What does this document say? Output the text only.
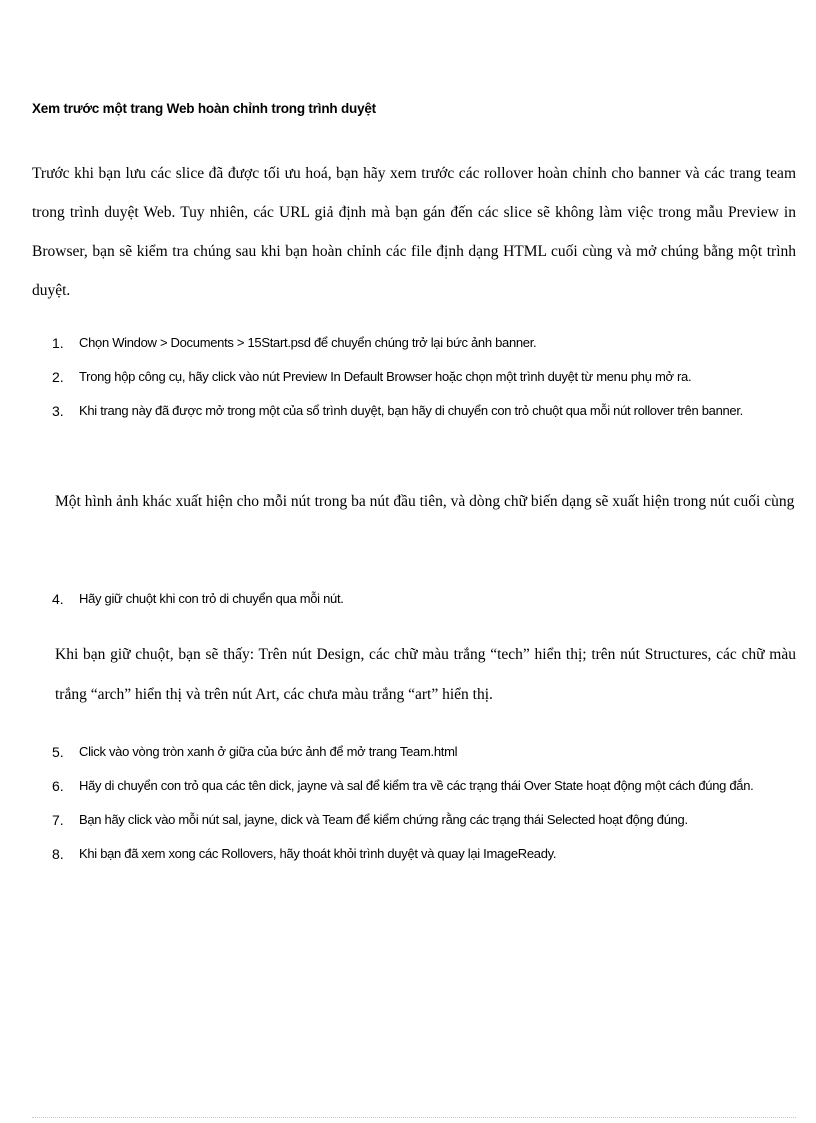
Xem trước một trang Web hoàn chỉnh trong trình duyệt

Trước khi bạn lưu các slice đã được tối ưu hoá, bạn hãy xem trước các rollover hoàn chỉnh cho banner và các trang team trong trình duyệt Web. Tuy nhiên, các URL giả định mà bạn gán đến các slice sẽ không làm việc trong mẫu Preview in Browser, bạn sẽ kiểm tra chúng sau khi bạn hoàn chỉnh các file định dạng HTML cuối cùng và mở chúng bằng một trình duyệt.

1. Chọn Window > Documents > 15Start.psd để chuyển chúng trở lại bức ảnh banner.
2. Trong hộp công cụ, hãy click vào nút Preview In Default Browser hoặc chọn một trình duyệt từ menu phụ mở ra.
3. Khi trang này đã được mở trong một của sổ trình duyệt, bạn hãy di chuyển con trỏ chuột qua mỗi nút rollover trên banner.

Một hình ảnh khác xuất hiện cho mỗi nút trong ba nút đầu tiên, và dòng chữ biến dạng sẽ xuất hiện trong nút cuối cùng

4. Hãy giữ chuột khi con trỏ di chuyển qua mỗi nút.

Khi bạn giữ chuột, bạn sẽ thấy: Trên nút Design, các chữ màu trắng “tech” hiển thị; trên nút Structures, các chữ màu trắng “arch” hiển thị và trên nút Art, các chưa màu trắng “art” hiển thị.

5. Click vào vòng tròn xanh ở giữa của bức ảnh để mở trang Team.html
6. Hãy di chuyển con trỏ qua các tên dick, jayne và sal để kiểm tra về các trạng thái Over State hoạt động một cách đúng đắn.
7. Bạn hãy click vào mỗi nút sal, jayne, dick và Team để kiểm chứng rằng các trạng thái Selected hoạt động đúng.
8. Khi bạn đã xem xong các Rollovers, hãy thoát khỏi trình duyệt và quay lại ImageReady.
